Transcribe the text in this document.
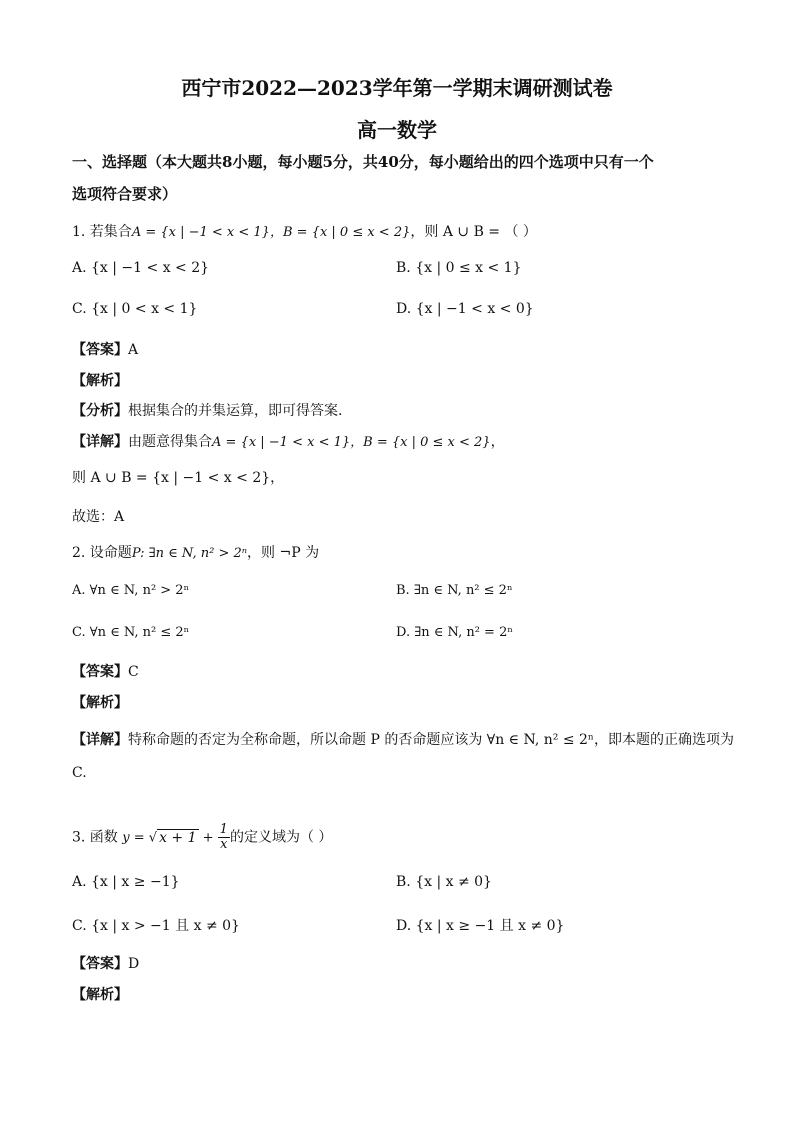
西宁市2022—2023学年第一学期末调研测试卷
高一数学
一、选择题（本大题共8小题，每小题5分，共40分，每小题给出的四个选项中只有一个
选项符合要求）
1. 若集合A = {x | −1 < x < 1}，B = {x | 0 ≤ x < 2}，则 A ∪ B = （ ）
A. {x | −1 < x < 2}	B. {x | 0 ≤ x < 1}
C. {x | 0 < x < 1}	D. {x | −1 < x < 0}
【答案】A
【解析】
【分析】根据集合的并集运算，即可得答案.
【详解】由题意得集合A = {x | −1 < x < 1}，B = {x | 0 ≤ x < 2}，
则 A ∪ B = {x | −1 < x < 2}，
故选：A
2. 设命题P: ∃n ∈ N, n² > 2ⁿ，则 ¬P 为
A. ∀n ∈ N, n² > 2ⁿ	B. ∃n ∈ N, n² ≤ 2ⁿ
C. ∀n ∈ N, n² ≤ 2ⁿ	D. ∃n ∈ N, n² = 2ⁿ
【答案】C
【解析】
【详解】特称命题的否定为全称命题，所以命题 P 的否命题应该为 ∀n ∈ N, n² ≤ 2ⁿ，即本题的正确选项为
C.
3. 函数 y = √ $x + 1 + \frac{1}{x}$ 的定义域为（ ）
A. {x | x ≥ −1}	B. {x | x ≠ 0}
C. {x | x > −1 且 x ≠ 0}	D. {x | x ≥ −1 且 x ≠ 0}
【答案】D
【解析】
